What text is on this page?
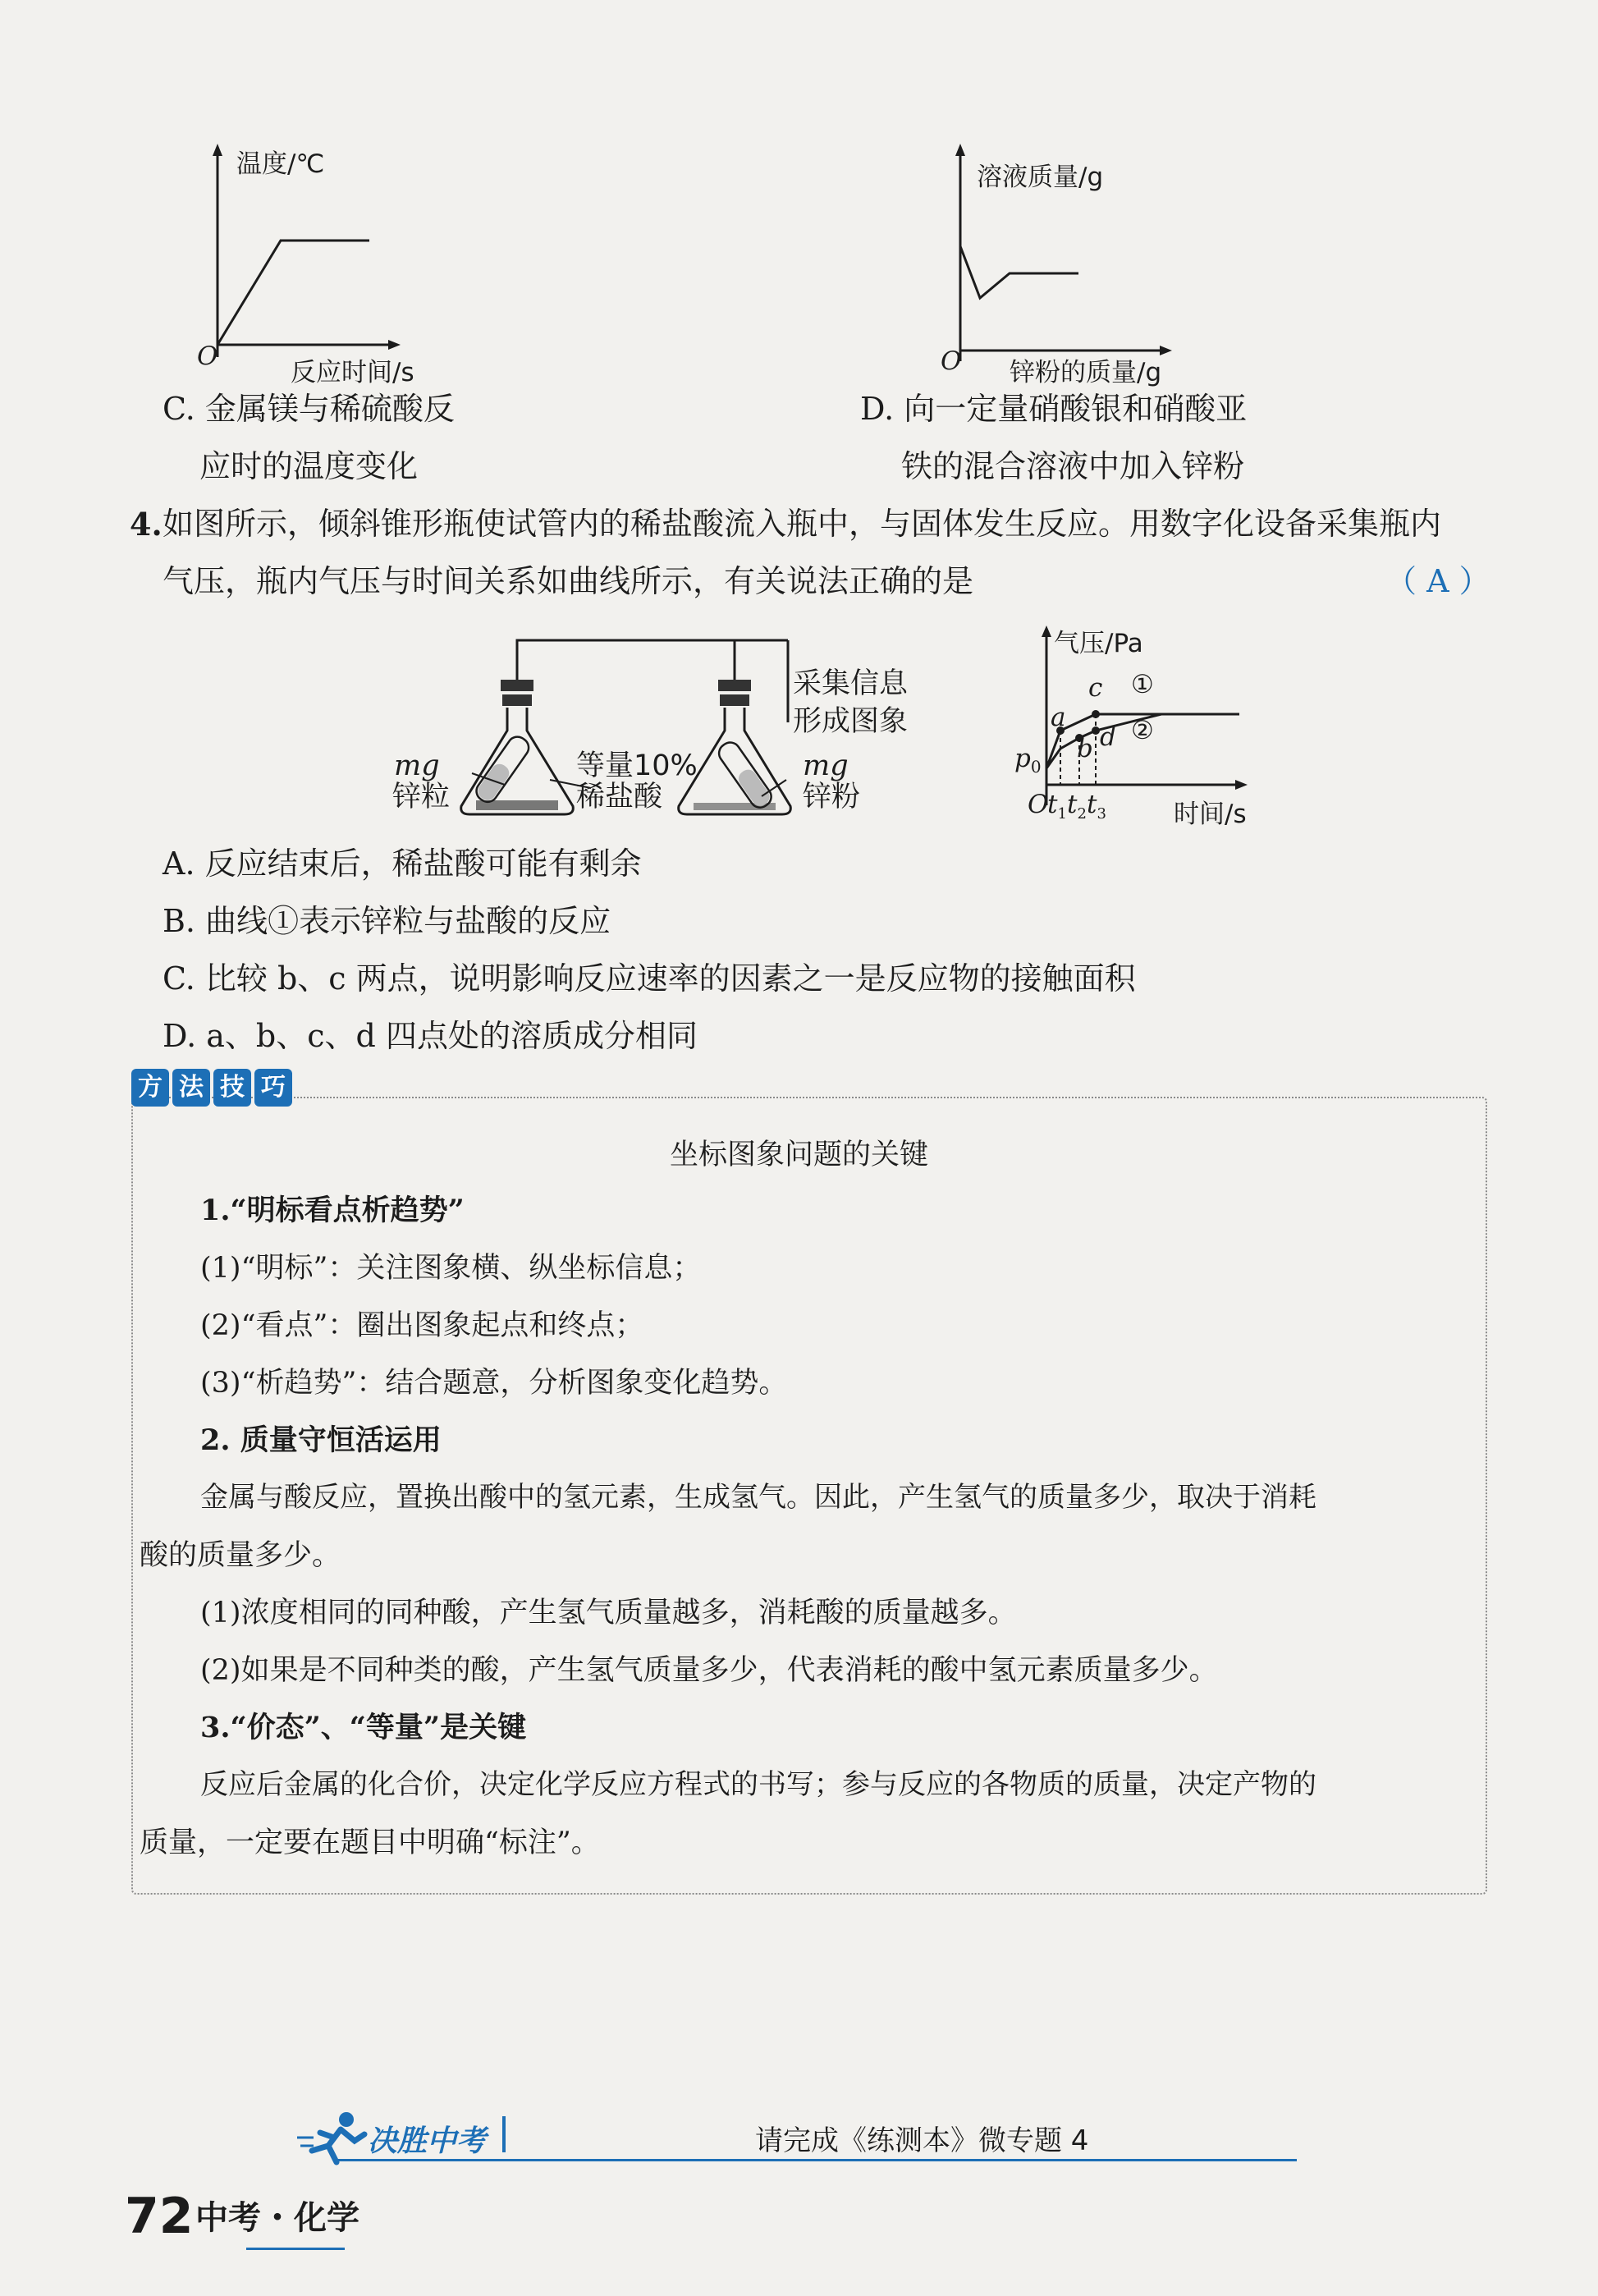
温度/℃
O
反应时间/s
C. 金属镁与稀硫酸反
应时的温度变化
溶液质量/g
O 锌粉的质量/g
D. 向一定量硝酸银和硝酸亚
铁的混合溶液中加入锌粉
4. 如图所示，倾斜锥形瓶使试管内的稀盐酸流入瓶中，与固体发生反应。用数字化设备采集瓶内
气压，瓶内气压与时间关系如曲线所示，有关说法正确的是	（ A ）
采集信息
形成图象
mg
锌粒
等量10%
稀盐酸
mg
锌粉
气压/Pa
时间/s
O
$p_0$
a
b
c
d
①
②
$t_1$ $t_2$ $t_3$
A. 反应结束后，稀盐酸可能有剩余
B. 曲线①表示锌粒与盐酸的反应
C. 比较 b、c 两点，说明影响反应速率的因素之一是反应物的接触面积
D. a、b、c、d 四点处的溶质成分相同
方 法 技 巧
坐标图象问题的关键
1.“明标看点析趋势”
(1)“明标”：关注图象横、纵坐标信息；
(2)“看点”：圈出图象起点和终点；
(3)“析趋势”：结合题意，分析图象变化趋势。
2. 质量守恒活运用
金属与酸反应，置换出酸中的氢元素，生成氢气。因此，产生氢气的质量多少，取决于消耗
酸的质量多少。
(1)浓度相同的同种酸，产生氢气质量越多，消耗酸的质量越多。
(2)如果是不同种类的酸，产生氢气质量多少，代表消耗的酸中氢元素质量多少。
3.“价态”、“等量”是关键
反应后金属的化合价，决定化学反应方程式的书写；参与反应的各物质的质量，决定产物的
质量，一定要在题目中明确“标注”。
决胜中考	请完成《练测本》微专题 4
72 中考・化学
